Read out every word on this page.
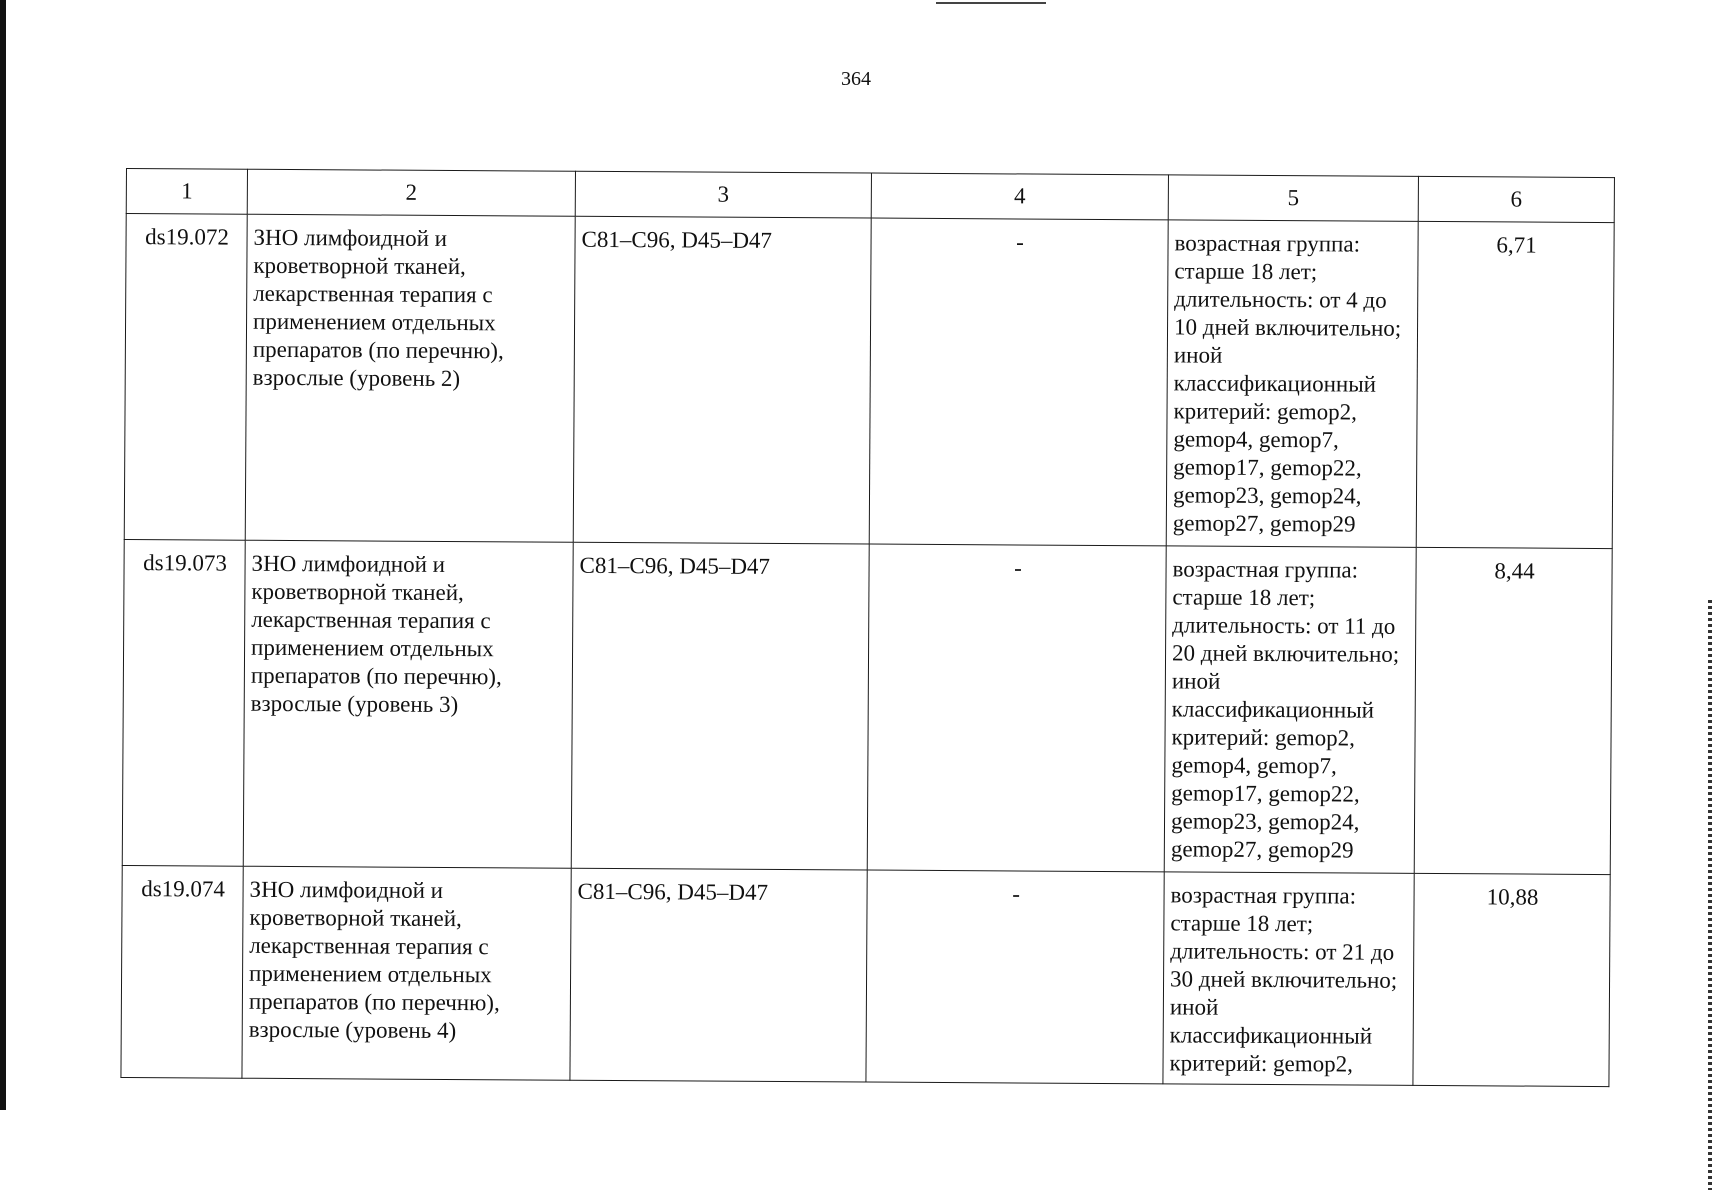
364
1	2	3	4	5	6
ds19.072	ЗНО лимфоидной и кроветворной тканей, лекарственная терапия с применением отдельных препаратов (по перечню), взрослые (уровень 2)	C81–C96, D45–D47	-	возрастная группа: старше 18 лет; длительность: от 4 до 10 дней включительно; иной классификационный критерий: gemop2, gemop4, gemop7, gemop17, gemop22, gemop23, gemop24, gemop27, gemop29	6,71
ds19.073	ЗНО лимфоидной и кроветворной тканей, лекарственная терапия с применением отдельных препаратов (по перечню), взрослые (уровень 3)	C81–C96, D45–D47	-	возрастная группа: старше 18 лет; длительность: от 11 до 20 дней включительно; иной классификационный критерий: gemop2, gemop4, gemop7, gemop17, gemop22, gemop23, gemop24, gemop27, gemop29	8,44
ds19.074	ЗНО лимфоидной и кроветворной тканей, лекарственная терапия с применением отдельных препаратов (по перечню), взрослые (уровень 4)	C81–C96, D45–D47	-	возрастная группа: старше 18 лет; длительность: от 21 до 30 дней включительно; иной классификационный критерий: gemop2,	10,88
